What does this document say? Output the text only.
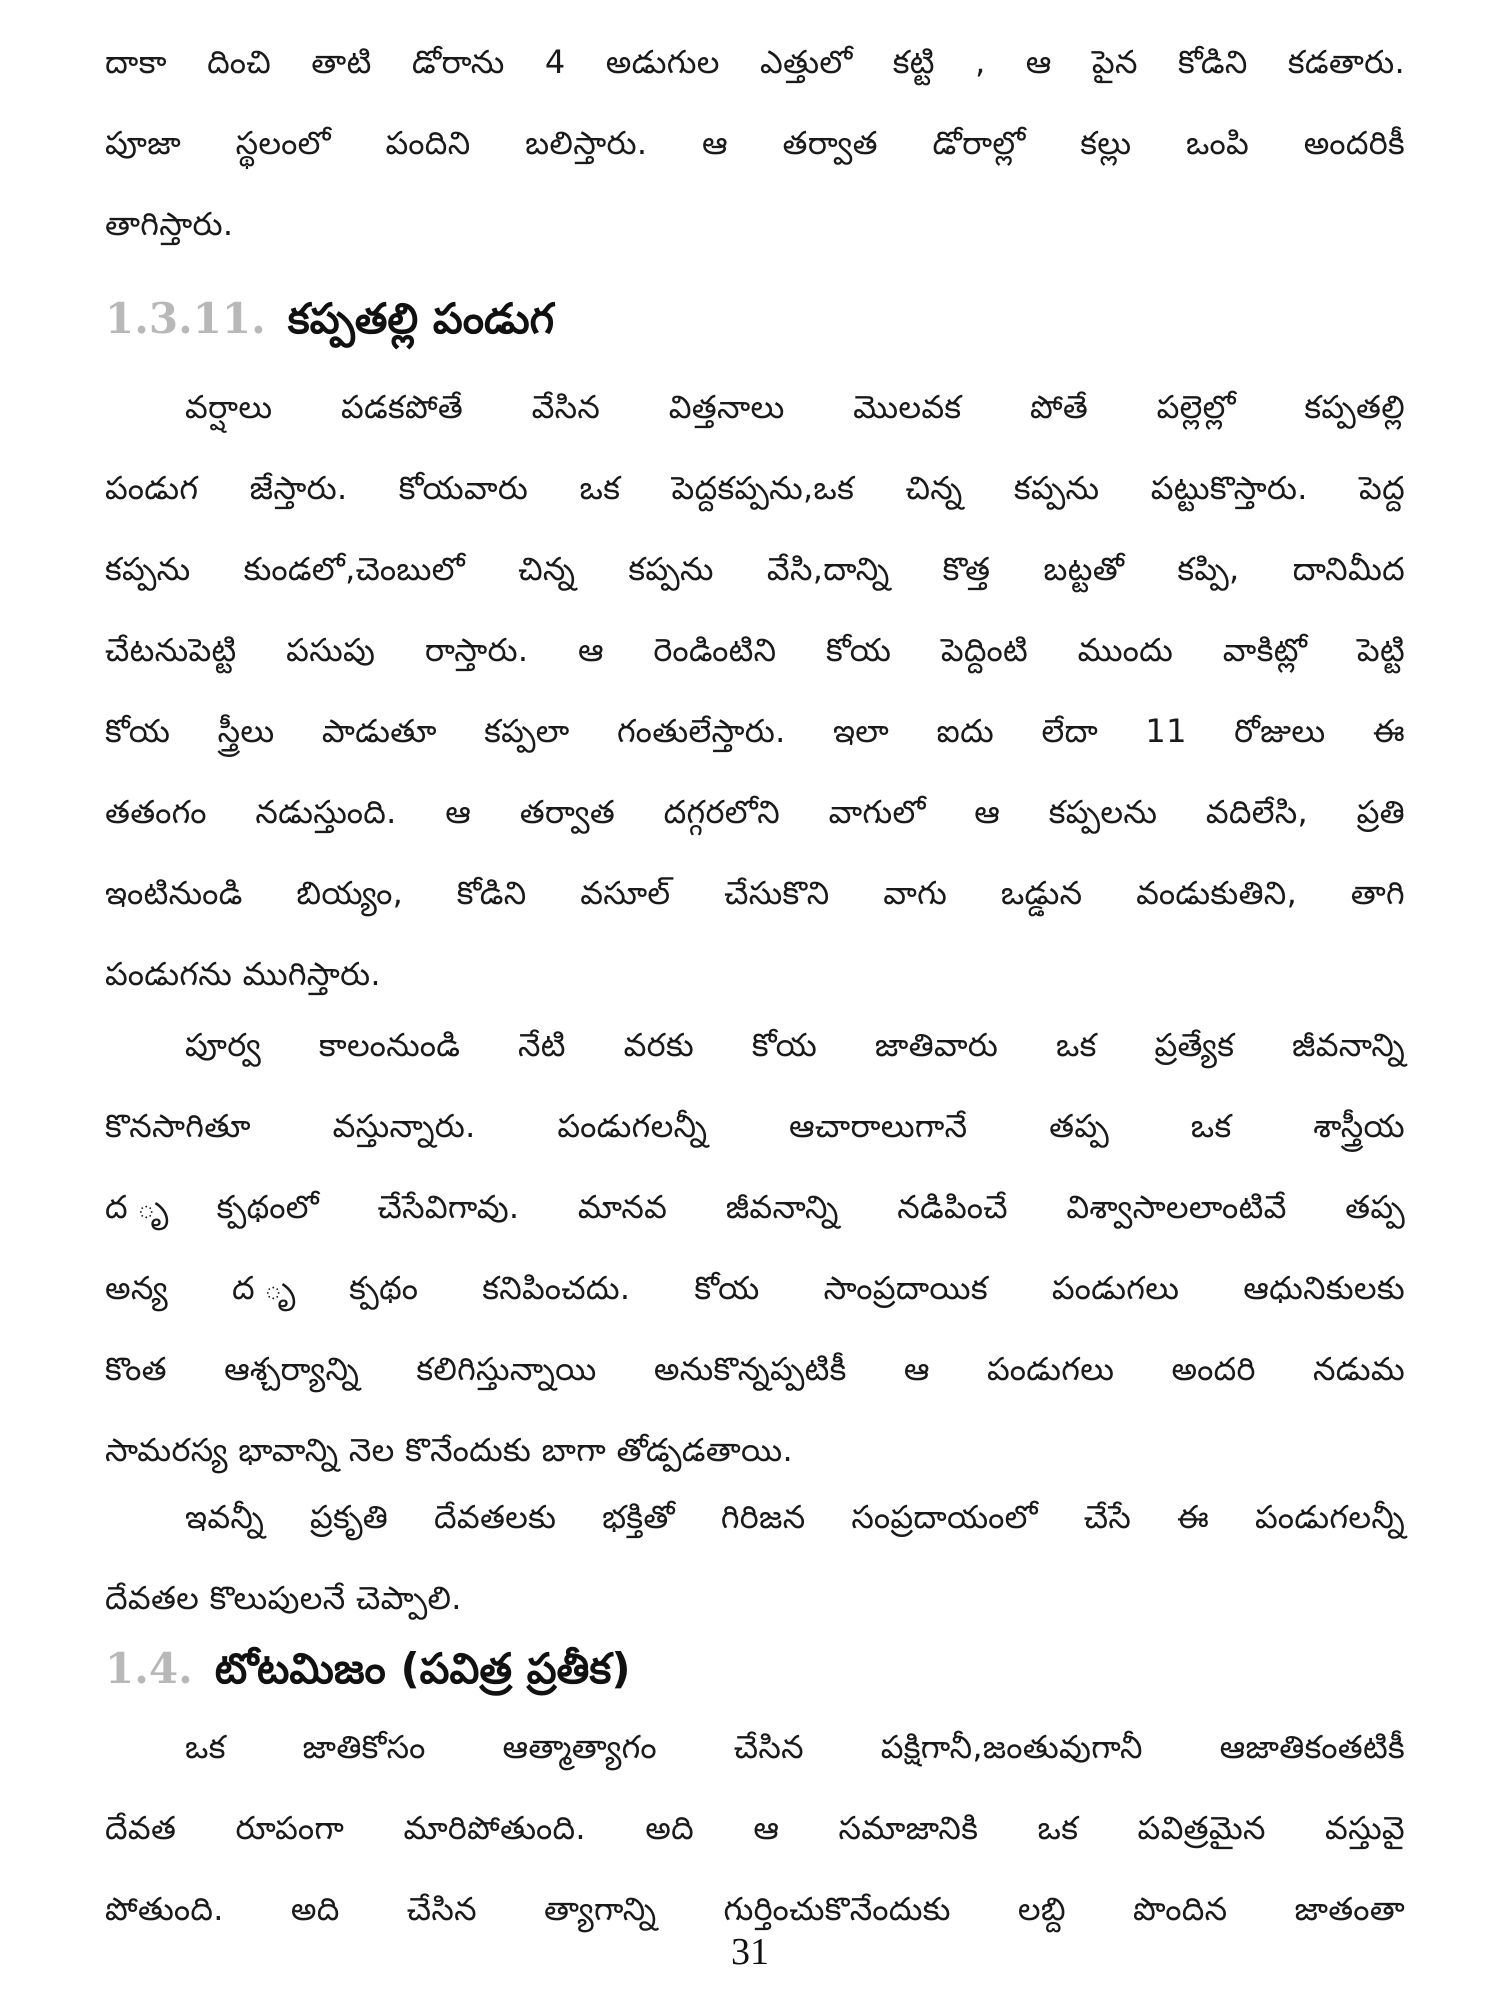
దాకా దించి తాటి డోరాను 4 అడుగుల ఎత్తులో కట్టి , ఆ పైన కోడిని కడతారు.

పూజా స్థలంలో పందిని బలిస్తారు. ఆ తర్వాత డోరాల్లో కల్లు ఒంపి అందరికీ

తాగిస్తారు.

1.3.11. కప్పతల్లి పండుగ

వర్షాలు పడకపోతే వేసిన విత్తనాలు మొలవక పోతే పల్లెల్లో కప్పతల్లి

పండుగ జేస్తారు. కోయవారు ఒక పెద్దకప్పను,ఒక చిన్న కప్పను పట్టుకొస్తారు. పెద్ద

కప్పను కుండలో,చెంబులో చిన్న కప్పను వేసి,దాన్ని కొత్త బట్టతో కప్పి, దానిమీద

చేటనుపెట్టి పసుపు రాస్తారు. ఆ రెండింటిని కోయ పెద్దింటి ముందు వాకిట్లో పెట్టి

కోయ స్త్రీలు పాడుతూ కప్పలా గంతులేస్తారు. ఇలా ఐదు లేదా 11 రోజులు ఈ

తతంగం నడుస్తుంది. ఆ తర్వాత దగ్గరలోని వాగులో ఆ కప్పలను వదిలేసి, ప్రతి

ఇంటినుండి బియ్యం, కోడిని వసూల్ చేసుకొని వాగు ఒడ్డున వండుకుతిని, తాగి

పండుగను ముగిస్తారు.

పూర్వ కాలంనుండి నేటి వరకు కోయ జాతివారు ఒక ప్రత్యేక జీవనాన్ని

కొనసాగితూ వస్తున్నారు. పండుగలన్నీ ఆచారాలుగానే తప్ప ఒక శాస్త్రీయ

ద ృక్పథంలో చేసేవిగావు. మానవ జీవనాన్ని నడిపించే విశ్వాసాలలాంటివే తప్ప

అన్య ద ృక్పథం కనిపించదు. కోయ సాంప్రదాయిక పండుగలు ఆధునికులకు

కొంత ఆశ్చర్యాన్ని కలిగిస్తున్నాయి అనుకొన్నప్పటికీ ఆ పండుగలు అందరి నడుమ

సామరస్య భావాన్ని నెల కొనేందుకు బాగా తోడ్పడతాయి.

ఇవన్నీ ప్రకృతి దేవతలకు భక్తితో గిరిజన సంప్రదాయంలో చేసే ఈ పండుగలన్నీ

దేవతల కొలుపులనే చెప్పాలి.

1.4. టోటమిజం (పవిత్ర ప్రతీక)

ఒక జాతికోసం ఆత్మాత్యాగం చేసిన పక్షిగానీ,జంతువుగానీ ఆజాతికంతటికీ

దేవత రూపంగా మారిపోతుంది. అది ఆ సమాజానికి ఒక పవిత్రమైన వస్తువై

పోతుంది. అది చేసిన త్యాగాన్ని గుర్తించుకొనేందుకు లబ్ది పొందిన జాతంతా

31
